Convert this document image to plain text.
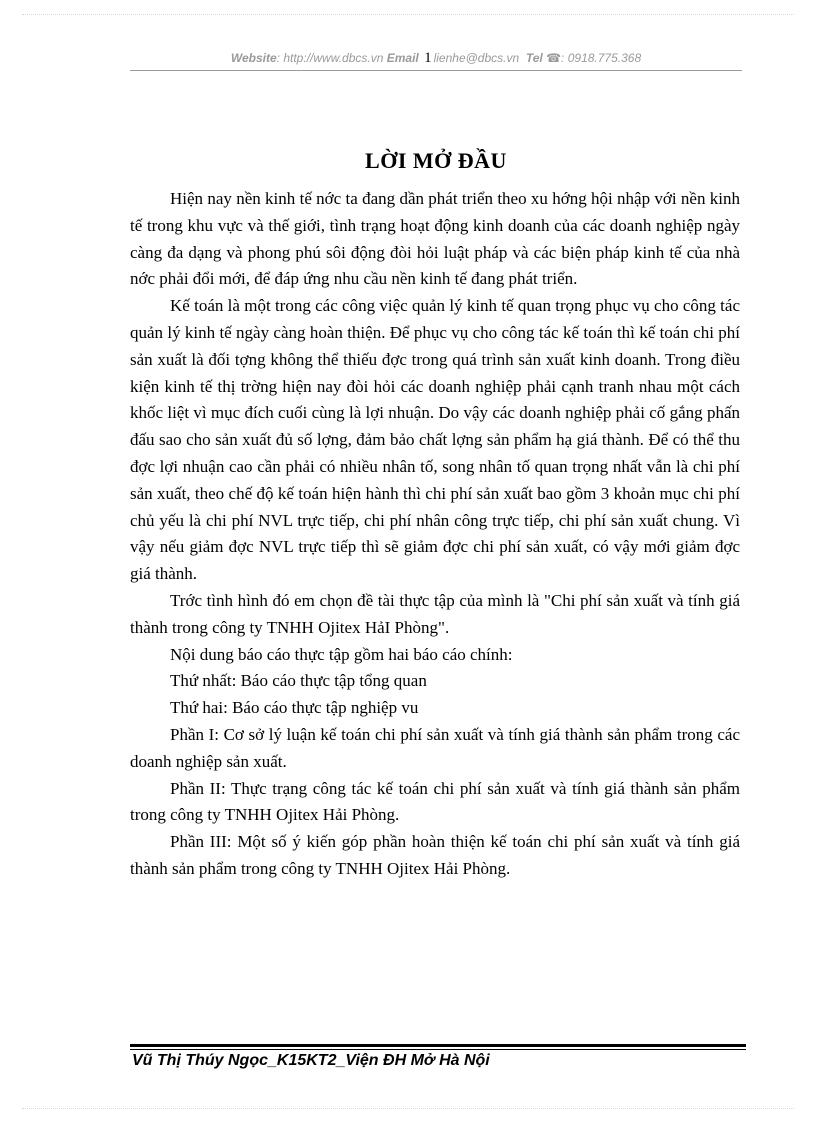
Website: http://www.dbcs.vn Email 1 lienhe@dbcs.vn Tel ☎: 0918.775.368
LỜI MỞ ĐẦU

Hiện nay nền kinh tế nớc ta đang dần phát triển theo xu hớng hội nhập với nền kinh tế trong khu vực và thế giới, tình trạng hoạt động kinh doanh của các doanh nghiệp ngày càng đa dạng và phong phú sôi động đòi hỏi luật pháp và các biện pháp kinh tế của nhà nớc phải đổi mới, để đáp ứng nhu cầu nền kinh tế đang phát triển.

Kế toán là một trong các công việc quản lý kinh tế quan trọng phục vụ cho công tác quản lý kinh tế ngày càng hoàn thiện. Để phục vụ cho công tác kế toán thì kế toán chi phí sản xuất là đối tợng không thể thiếu đợc trong quá trình sản xuất kinh doanh. Trong điều kiện kinh tế thị trờng hiện nay đòi hỏi các doanh nghiệp phải cạnh tranh nhau một cách khốc liệt vì mục đích cuối cùng là lợi nhuận. Do vậy các doanh nghiệp phải cố gắng phấn đấu sao cho sản xuất đủ số lợng, đảm bảo chất lợng sản phẩm hạ giá thành. Để có thể thu đợc lợi nhuận cao cần phải có nhiều nhân tố, song nhân tố quan trọng nhất vẫn là chi phí sản xuất, theo chế độ kế toán hiện hành thì chi phí sản xuất bao gồm 3 khoản mục chi phí chủ yếu là chi phí NVL trực tiếp, chi phí nhân công trực tiếp, chi phí sản xuất chung. Vì vậy nếu giảm đợc NVL trực tiếp thì sẽ giảm đợc chi phí sản xuất, có vậy mới giảm đợc giá thành.

Trớc tình hình đó em chọn đề tài thực tập của mình là "Chi phí sản xuất và tính giá thành trong công ty TNHH Ojitex HảI Phòng".

Nội dung báo cáo thực tập gồm hai báo cáo chính:

Thứ nhất: Báo cáo thực tập tổng quan

Thứ hai: Báo cáo thực tập nghiệp vu

Phần I: Cơ sở lý luận kế toán chi phí sản xuất và tính giá thành sản phẩm trong các doanh nghiệp sản xuất.

Phần II: Thực trạng công tác kế toán chi phí sản xuất và tính giá thành sản phẩm trong công ty TNHH Ojitex Hải Phòng.

Phần III: Một số ý kiến góp phần hoàn thiện kế toán chi phí sản xuất và tính giá thành sản phẩm trong công ty TNHH Ojitex Hải Phòng.

Vũ Thị Thúy Ngọc_K15KT2_Viện ĐH Mở Hà Nội
